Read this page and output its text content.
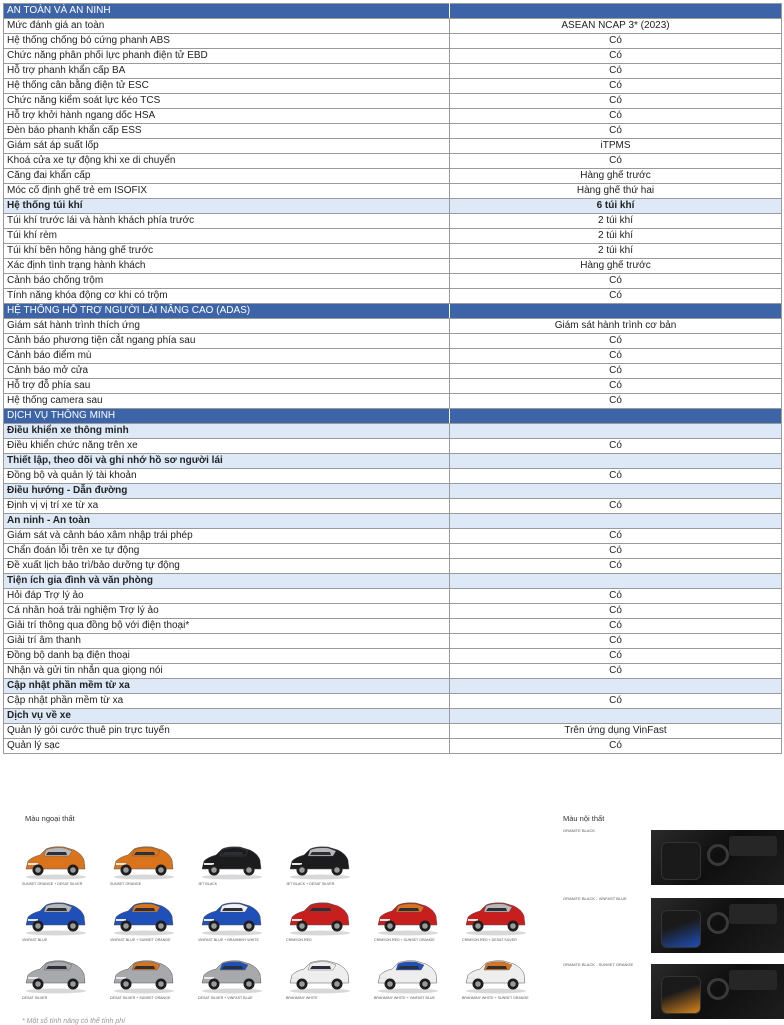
AN TOÀN VÀ AN NINH	
Mức đánh giá an toàn	ASEAN NCAP 3* (2023)
Hệ thống chống bó cứng phanh ABS	Có
Chức năng phân phối lực phanh điện tử EBD	Có
Hỗ trợ phanh khẩn cấp BA	Có
Hệ thống cân bằng điện tử ESC	Có
Chức năng kiểm soát lực kéo TCS	Có
Hỗ trợ khởi hành ngang dốc HSA	Có
Đèn báo phanh khẩn cấp ESS	Có
Giám sát áp suất lốp	iTPMS
Khoá cửa xe tự động khi xe di chuyển	Có
Căng đai khẩn cấp	Hàng ghế trước
Móc cố định ghế trẻ em ISOFIX	Hàng ghế thứ hai
Hệ thống túi khí	6 túi khí
Túi khí trước lái và hành khách phía trước	2 túi khí
Túi khí rèm	2 túi khí
Túi khí bên hông hàng ghế trước	2 túi khí
Xác định tình trạng hành khách	Hàng ghế trước
Cảnh báo chống trộm	Có
Tính năng khóa động cơ khi có trộm	Có
HỆ THỐNG HỖ TRỢ NGƯỜI LÁI NÂNG CAO (ADAS)	
Giám sát hành trình thích ứng	Giám sát hành trình cơ bản
Cảnh báo phương tiện cắt ngang phía sau	Có
Cảnh báo điểm mù	Có
Cảnh báo mở cửa	Có
Hỗ trợ đỗ phía sau	Có
Hệ thống camera sau	Có
DỊCH VỤ THÔNG MINH	
Điều khiển xe thông minh	
Điều khiển chức năng trên xe	Có
Thiết lập, theo dõi và ghi nhớ hồ sơ người lái	
Đồng bộ và quản lý tài khoản	Có
Điều hướng - Dẫn đường	
Định vị vị trí xe từ xa	Có
An ninh - An toàn	
Giám sát và cảnh báo xâm nhập trái phép	Có
Chẩn đoán lỗi trên xe tự động	Có
Đề xuất lịch bảo trì/bảo dưỡng tự động	Có
Tiện ích gia đình và văn phòng	
Hỏi đáp Trợ lý ảo	Có
Cá nhân hoá trải nghiệm Trợ lý ảo	Có
Giải trí thông qua đồng bộ với điện thoại*	Có
Giải trí âm thanh	Có
Đồng bộ danh bạ điện thoại	Có
Nhận và gửi tin nhắn qua giọng nói	Có
Cập nhật phần mềm từ xa	
Cập nhật phần mềm từ xa	Có
Dịch vụ về xe	
Quản lý gói cước thuê pin trực tuyến	Trên ứng dụng VinFast
Quản lý sạc	Có
Màu ngoại thất	Màu nội thất
SUNSET ORANGE + DESAT SILVER	SUNSET ORANGE	JET BLACK	JET BLACK + DESAT SILVER
VINFAST BLUE	VINFAST BLUE + SUNSET ORANGE	VINFAST BLUE + BRAHMINY WHITE	CRIMSON RED	CRIMSON RED + SUNSET ORANGE	CRIMSON RED + DESAT SILVER
DESAT SILVER	DESAT SILVER + SUNSET ORANGE	DESAT SILVER + VINFAST BLUE	BRAHMINY WHITE	BRAHMINY WHITE + VINFAST BLUE	BRAHMINY WHITE + SUNSET ORANGE
GRANITE BLACK
GRANITE BLACK - VINFAST BLUE
GRANITE BLACK - SUNSET ORANGE
* Một số tính năng có thể tính phí
